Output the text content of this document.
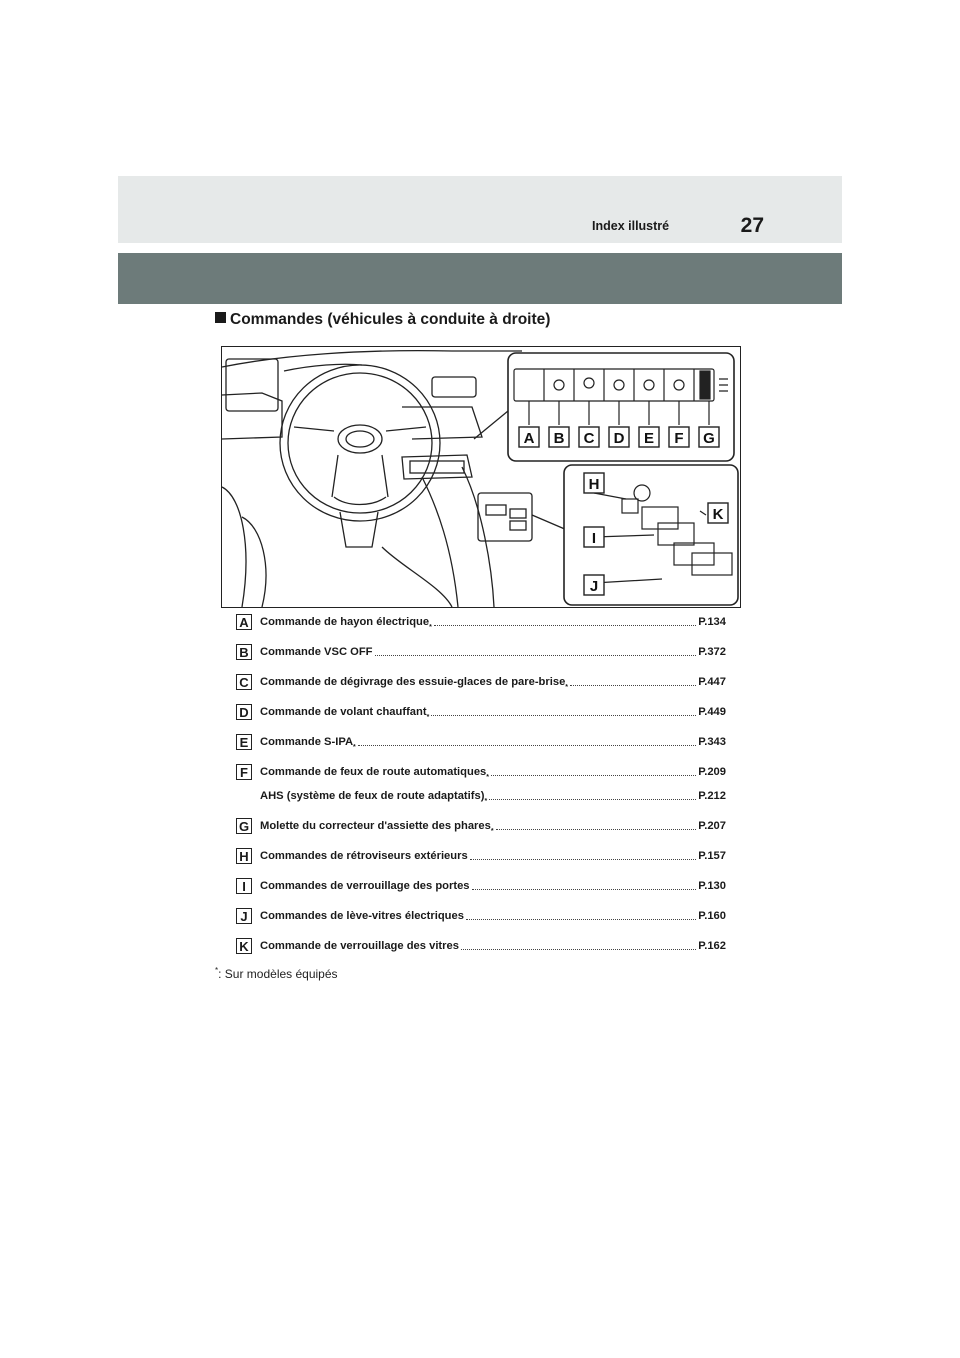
Index illustré	27
Commandes (véhicules à conduite à droite)
A B C D E F G
H
I
J
K
A Commande de hayon électrique *	P.134
B Commande VSC OFF	P.372
C Commande de dégivrage des essuie-glaces de pare-brise *	P.447
D Commande de volant chauffant *	P.449
E	Commande S-IPA *	P.343
F	Commande de feux de route automatiques *	P.209
AHS (système de feux de route adaptatifs) *	P.212
G Molette du correcteur d'assiette des phares *	P.207
H Commandes de rétroviseurs extérieurs	P.157
I	Commandes de verrouillage des portes	P.130
J	Commandes de lève-vitres électriques	P.160
K Commande de verrouillage des vitres	P.162
*: Sur modèles équipés
